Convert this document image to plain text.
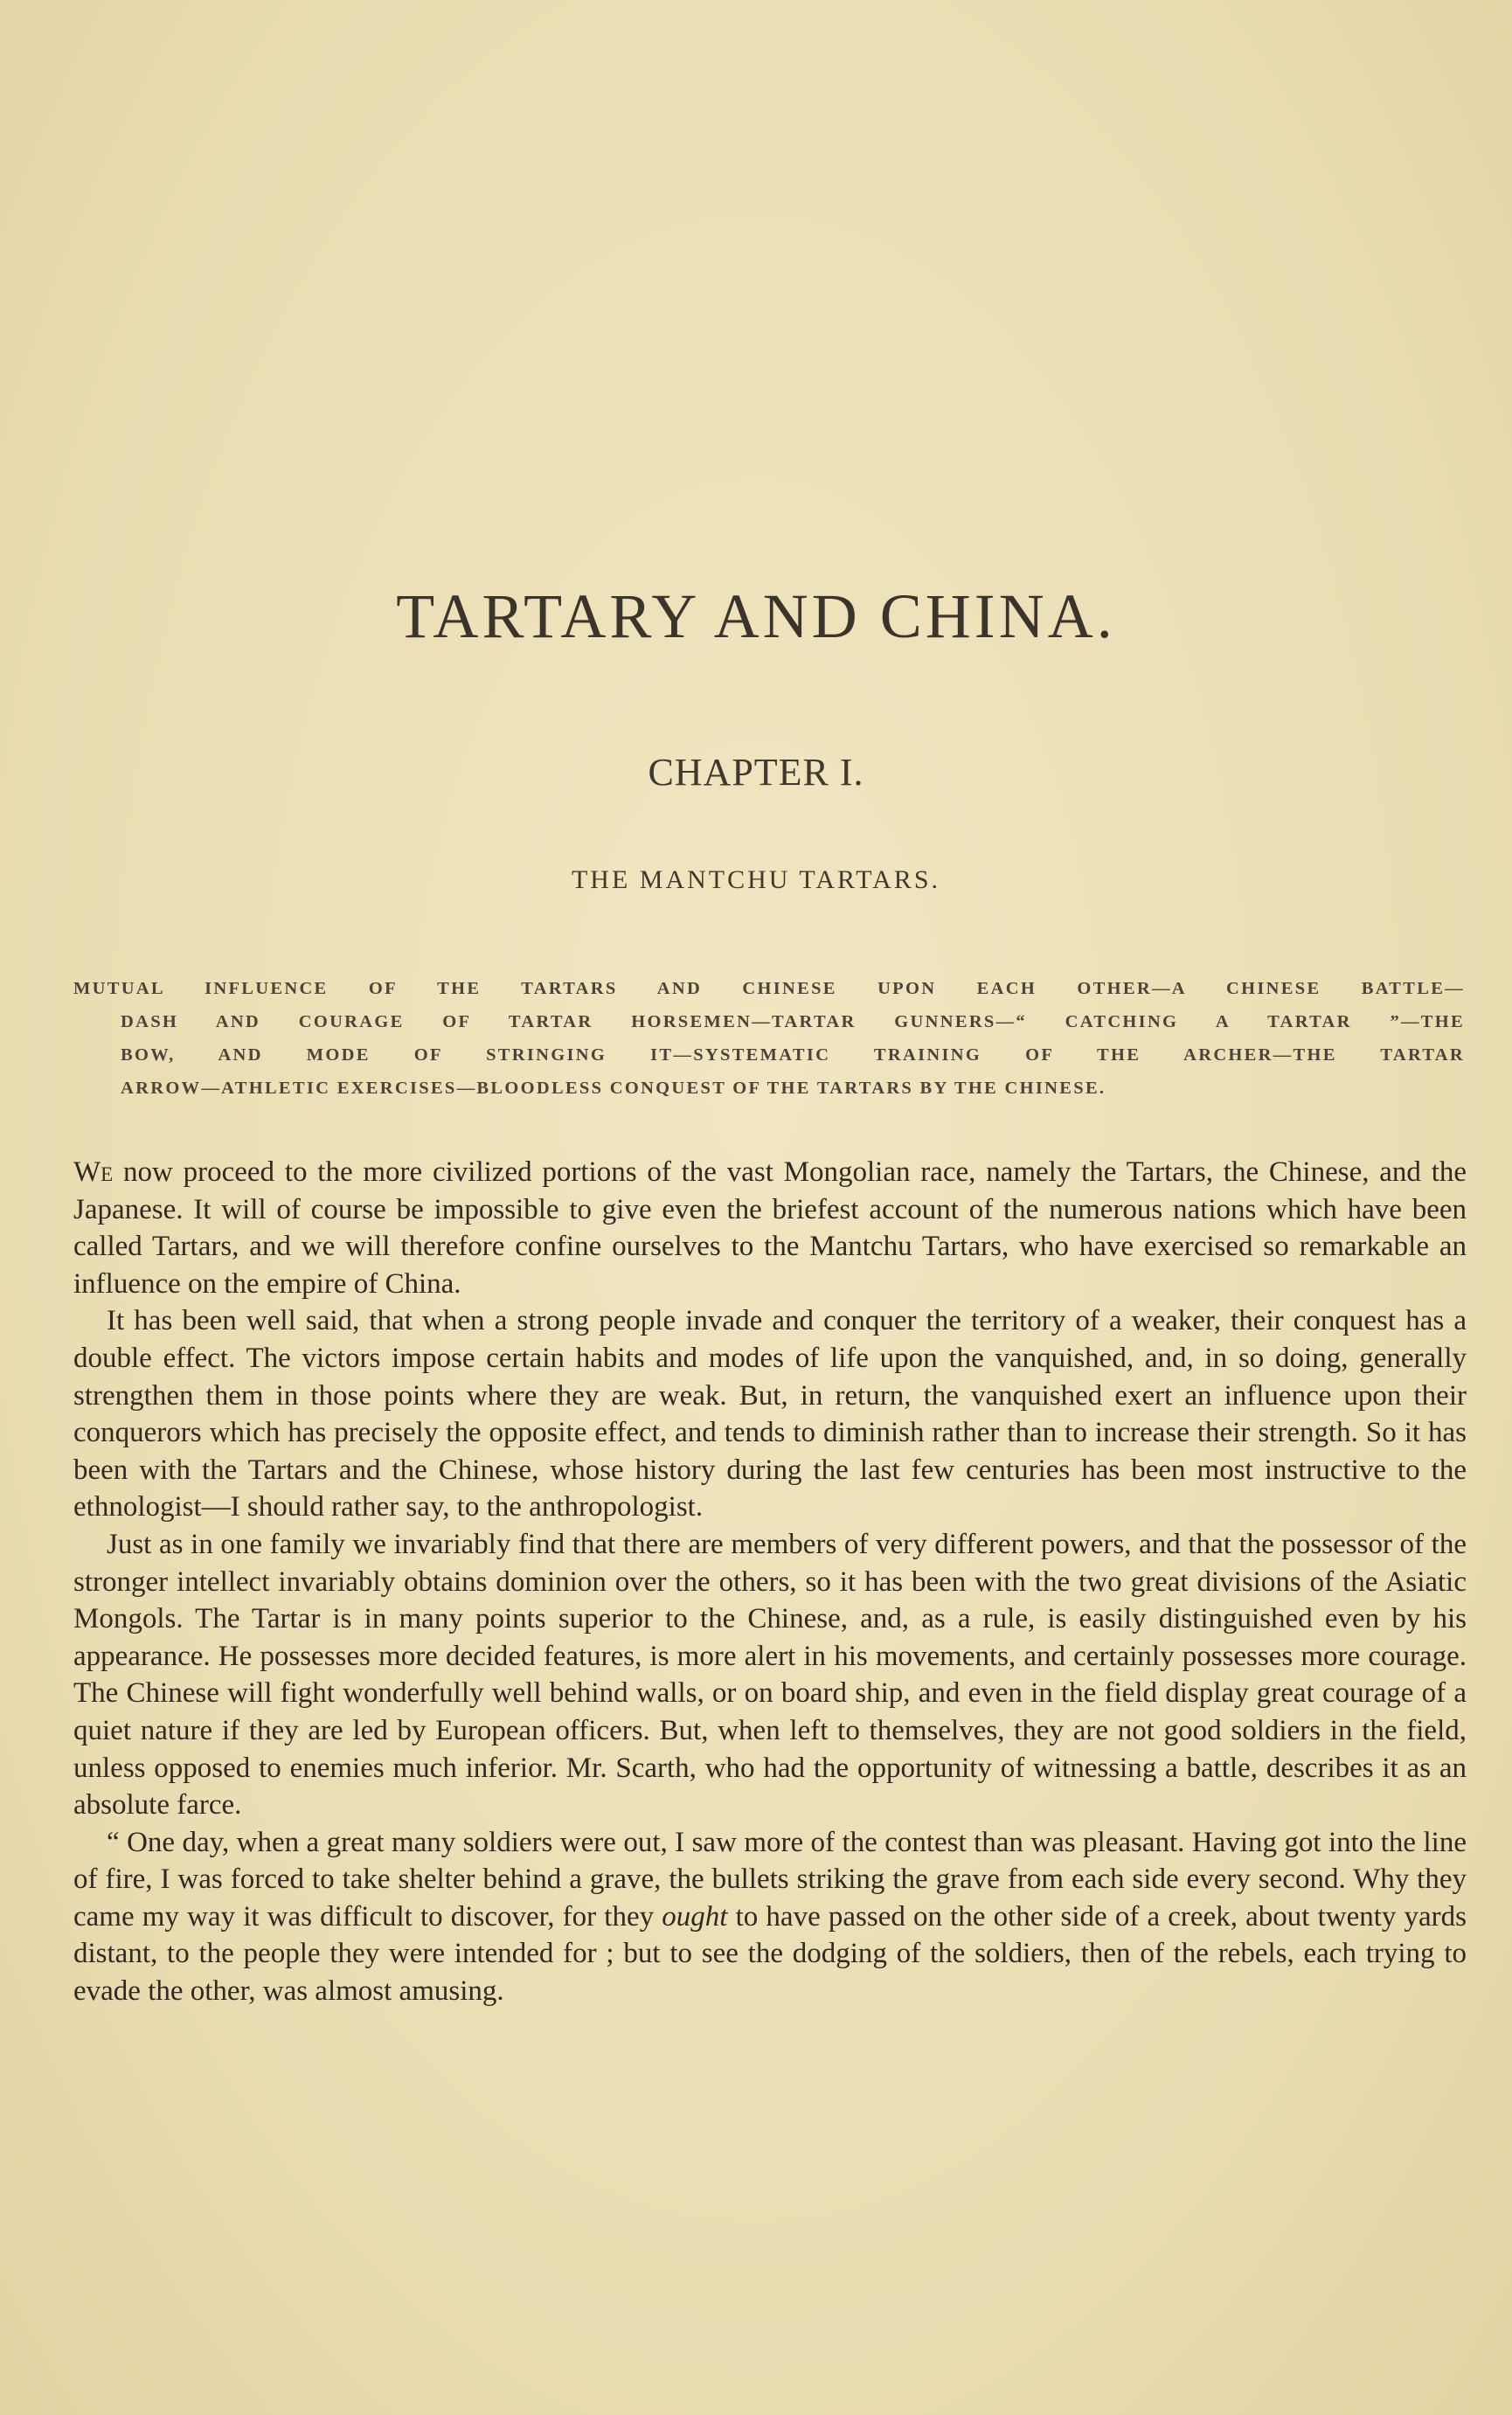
TARTARY AND CHINA.
CHAPTER I.
THE MANTCHU TARTARS.
MUTUAL INFLUENCE OF THE TARTARS AND CHINESE UPON EACH OTHER—A CHINESE BATTLE—
DASH AND COURAGE OF TARTAR HORSEMEN—TARTAR GUNNERS—“ CATCHING A TARTAR ”—THE
BOW, AND MODE OF STRINGING IT—SYSTEMATIC TRAINING OF THE ARCHER—THE TARTAR
ARROW—ATHLETIC EXERCISES—BLOODLESS CONQUEST OF THE TARTARS BY THE CHINESE.

We now proceed to the more civilized portions of the vast Mongolian race, namely the Tartars, the Chinese, and the Japanese. It will of course be impossible to give even the briefest account of the numerous nations which have been called Tartars, and we will therefore confine ourselves to the Mantchu Tartars, who have exercised so remarkable an influence on the empire of China.

It has been well said, that when a strong people invade and conquer the territory of a weaker, their conquest has a double effect. The victors impose certain habits and modes of life upon the vanquished, and, in so doing, generally strengthen them in those points where they are weak. But, in return, the vanquished exert an influence upon their conquerors which has precisely the opposite effect, and tends to diminish rather than to increase their strength. So it has been with the Tartars and the Chinese, whose history during the last few centuries has been most instructive to the ethnologist—I should rather say, to the anthropologist.

Just as in one family we invariably find that there are members of very different powers, and that the possessor of the stronger intellect invariably obtains dominion over the others, so it has been with the two great divisions of the Asiatic Mongols. The Tartar is in many points superior to the Chinese, and, as a rule, is easily distinguished even by his appearance. He possesses more decided features, is more alert in his movements, and certainly possesses more courage. The Chinese will fight wonderfully well behind walls, or on board ship, and even in the field display great courage of a quiet nature if they are led by European officers. But, when left to themselves, they are not good soldiers in the field, unless opposed to enemies much inferior. Mr. Scarth, who had the opportunity of witnessing a battle, describes it as an absolute farce.

“ One day, when a great many soldiers were out, I saw more of the contest than was pleasant. Having got into the line of fire, I was forced to take shelter behind a grave, the bullets striking the grave from each side every second. Why they came my way it was difficult to discover, for they ought to have passed on the other side of a creek, about twenty yards distant, to the people they were intended for ; but to see the dodging of the soldiers, then of the rebels, each trying to evade the other, was almost amusing.
